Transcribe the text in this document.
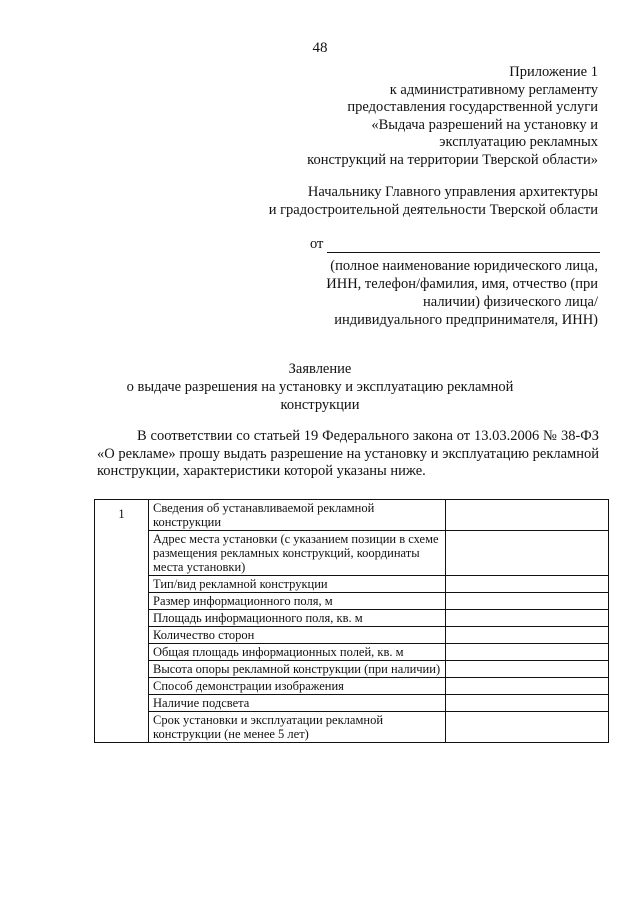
48
Приложение 1
к административному регламенту
предоставления государственной услуги
«Выдача разрешений на установку и
эксплуатацию рекламных
конструкций на территории Тверской области»
Начальнику Главного управления архитектуры
и градостроительной деятельности Тверской области
от
(полное наименование юридического лица,
ИНН, телефон/фамилия, имя, отчество (при
наличии) физического лица/
индивидуального предпринимателя, ИНН)
Заявление
о выдаче разрешения на установку и эксплуатацию рекламной
конструкции
В соответствии со статьей 19 Федерального закона от 13.03.2006 № 38-ФЗ «О рекламе» прошу выдать разрешение на установку и эксплуатацию рекламной конструкции, характеристики которой указаны ниже.
1	Сведения об устанавливаемой рекламной конструкции	
	Адрес места установки (с указанием позиции в схеме размещения рекламных конструкций, координаты места установки)	
	Тип/вид рекламной конструкции	
	Размер информационного поля, м	
	Площадь информационного поля, кв. м	
	Количество сторон	
	Общая площадь информационных полей, кв. м	
	Высота опоры рекламной конструкции (при наличии)	
	Способ демонстрации изображения	
	Наличие подсвета	
	Срок установки и эксплуатации рекламной конструкции (не менее 5 лет)	
